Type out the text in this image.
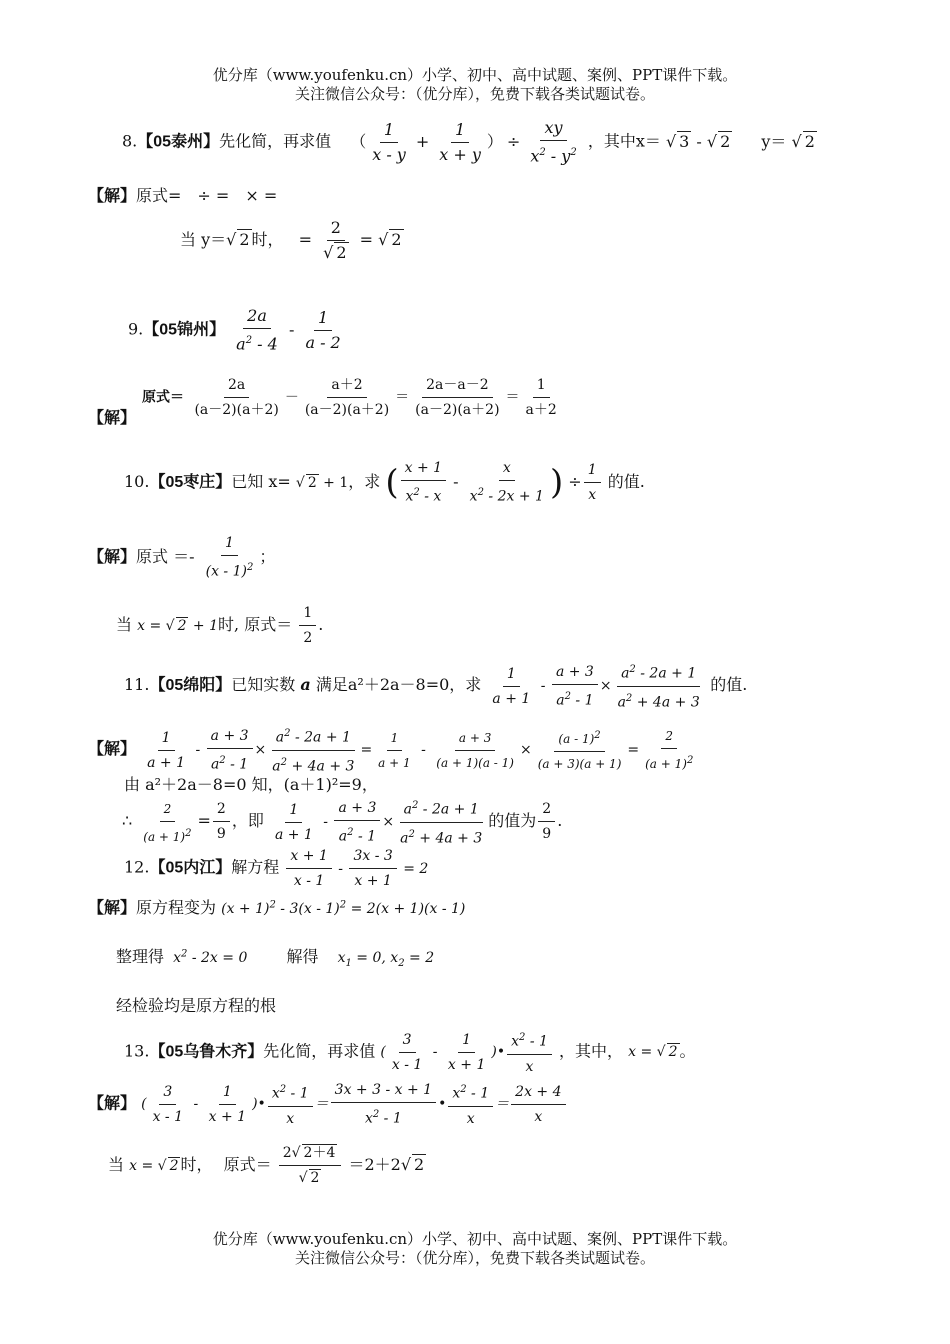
优分库（www.youfenku.cn）小学、初中、高中试题、案例、PPT课件下载。
关注微信公众号：（优分库），免费下载各类试题试卷。
8.【05泰州】先化简，再求值 （ $\frac{1}{x - y} + \frac{1}{x + y}$ ） ÷ $\frac{xy}{x^2 - y^2}$ ，其中x＝ √ 3 - √ 2 y＝ √ 2
【解】原式=　÷ =　× =
当 y＝√ 2 时， = $\frac{2}{√ 2}$ = √ 2
9.【05锦州】 $\frac{2a}{a^2 - 4} - \frac{1}{a - 2}$
【解】
原式＝ $\frac{2a}{(a-2)(a+2)} - \frac{a+2}{(a-2)(a+2)} = \frac{2a-a-2}{(a-2)(a+2)} = \frac{1}{a+2}$
10.【05枣庄】已知 x= √ 2 + 1，求 ( $\frac{x + 1}{x^2 - x} - \frac{x}{x^2 - 2x + 1}$ ) ÷ $\frac{1}{x}$ 的值.
【解】原式 ＝- $\frac{1}{(x - 1)^2}$ ；
当 x = √ 2 + 1时, 原式＝ $\frac{1}{2}$ .
11.【05绵阳】已知实数 a 满足a²＋2a－8=0，求 $\frac{1}{a + 1} - \frac{a + 3}{a^2 - 1} \times \frac{a^2 - 2a + 1}{a^2 + 4a + 3}$ 的值.
【解】 $\frac{1}{a + 1} - \frac{a + 3}{a^2 - 1} \times \frac{a^2 - 2a + 1}{a^2 + 4a + 3} = \frac{1}{a + 1} - \frac{a + 3}{(a + 1)(a - 1)} \times \frac{(a - 1)^2}{(a + 3)(a + 1)} = \frac{2}{(a + 1)^2}$
由 a²＋2a－8=0 知，(a＋1)²=9，
∴ $\frac{2}{(a + 1)^2} = \frac{2}{9}$ ，即 $\frac{1}{a + 1} - \frac{a + 3}{a^2 - 1} \times \frac{a^2 - 2a + 1}{a^2 + 4a + 3}$ 的值为 $\frac{2}{9}$ .
12.【05内江】解方程 $\frac{x + 1}{x - 1} - \frac{3x - 3}{x + 1} = 2$
【解】原方程变为 $(x + 1)^2 - 3(x - 1)^2 = 2(x + 1)(x - 1)$
整理得 $x^2 - 2x = 0$ 解得 $x_1 = 0$, $x_2 = 2$
经检验均是原方程的根
13.【05乌鲁木齐】先化简，再求值 ( $\frac{3}{x - 1} - \frac{1}{x + 1}$ )• $\frac{x^2 - 1}{x}$ ，其中， x = √ 2 。
【解】 ( $\frac{3}{x - 1} - \frac{1}{x + 1}$ )• $\frac{x^2 - 1}{x} = \frac{3x + 3 - x + 1}{x^2 - 1}$ • $\frac{x^2 - 1}{x} = \frac{2x + 4}{x}$
当 x = √ 2 时， 原式＝ $\frac{2√ 2+4}{√ 2} =2+2√$ 2
优分库（www.youfenku.cn）小学、初中、高中试题、案例、PPT课件下载。
关注微信公众号：（优分库），免费下载各类试题试卷。
